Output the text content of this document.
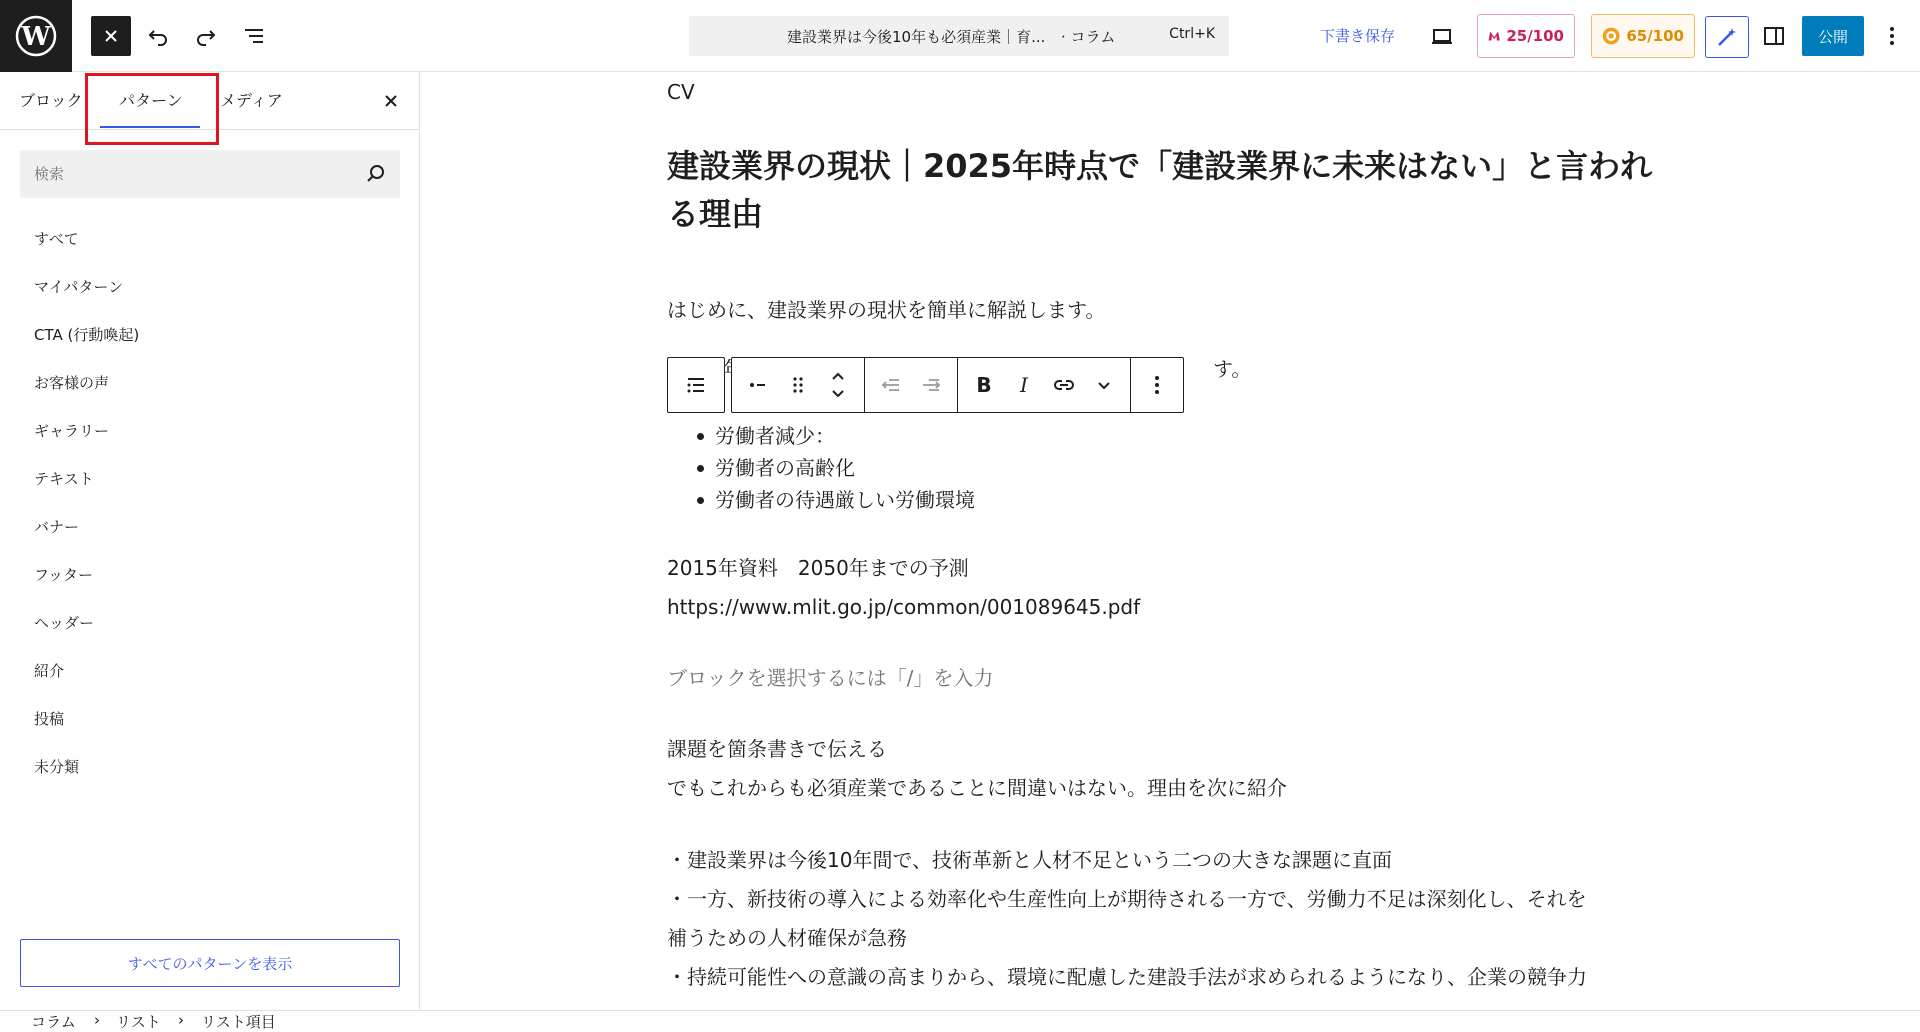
W	建設業界は今後10年も必須産業｜育... · コラム	Ctrl+K	下書き保存	25/100	65/100	公開
ブロック パターン メディア
検索
すべて
マイパターン
CTA (行動喚起)
お客様の声
ギャラリー
テキスト
バナー
フッター
ヘッダー
紹介
投稿
未分類
すべてのパターンを表示
CV
建設業界の現状｜2025年時点で「建設業界に未来はない」と言われる理由
はじめに、建設業界の現状を簡単に解説します。
す。
労働者減少：
労働者の高齢化
労働者の待遇厳しい労働環境
2015年資料　2050年までの予測
https://www.mlit.go.jp/common/001089645.pdf
ブロックを選択するには「/」を入力
課題を箇条書きで伝える
でもこれからも必須産業であることに間違いはない。理由を次に紹介
・建設業界は今後10年間で、技術革新と人材不足という二つの大きな課題に直面
・一方、新技術の導入による効率化や生産性向上が期待される一方で、労働力不足は深刻化し、それを
補うための人材確保が急務
・持続可能性への意識の高まりから、環境に配慮した建設手法が求められるようになり、企業の競争力
B	I
コラム › リスト › リスト項目
